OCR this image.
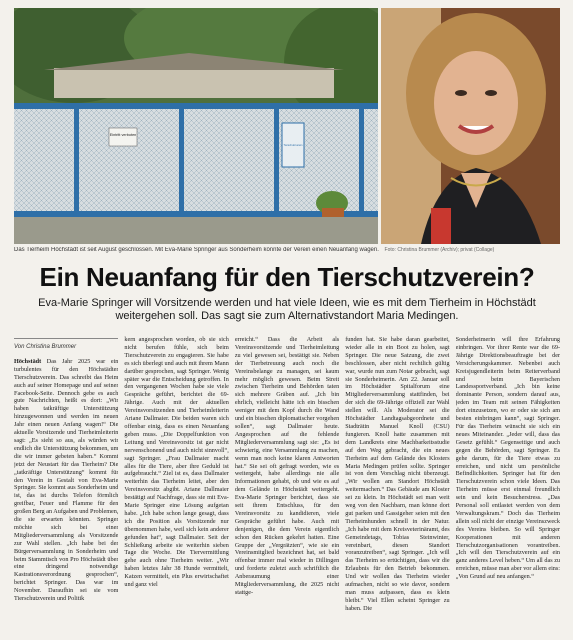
Eintritt verboten
Tierschutzverein
Das Tierheim Höchstädt ist seit August geschlossen. Mit Eva-Marie Springer aus Sonderheim könnte der Verein einen Neuanfang wagen. Foto: Christina Brummer (Archiv); privat (Collage)
Ein Neuanfang für den Tierschutzverein?
Eva-Marie Springer will Vorsitzende werden und hat viele Ideen, wie es mit dem Tierheim in Höchstädt weitergehen soll. Das sagt sie zum Alternativstandort Maria Medingen.
Von Christina Brummer

Höchstädt Das Jahr 2025 war ein turbulentes für den Höchstädter Tierschutzverein. Das schreibt das Heim auch auf seiner Homepage und auf seiner Facebook-Seite. Dennoch gebe es auch gute Nachrichten, heißt es dort: „Wir haben tatkräftige Unterstützung hinzugewonnen und werden im neuen Jahr einen neuen Anfang wagen!“ Die aktuelle Vorsitzende und Tierheimleiterin sagt: „Es sieht so aus, als würden wir endlich die Unterstützung bekommen, um die wir immer gebeten haben.“ Kommt jetzt der Neustart für das Tierheim? Die „tatkräftige Unterstützung“ kommt für den Verein in Gestalt von Eva-Marie Springer. Sie kommt aus Sonderheim und ist, das ist durchs Telefon förmlich greifbar, Feuer und Flamme für den großen Berg an Aufgaben und Problemen, die sie erwarten könnten. Springer möchte sich bei einer Mitgliederversammlung als Vorsitzende zur Wahl stellen. „Ich habe bei der Bürgerversammlung in Sonderheim und beim Stammtisch von Pro Höchstädt über eine dringend notwendige Kastrationsverordnung gesprochen“, berichtet Springer. Das war im November. Daraufhin sei sie vom Tierschutzverein und Politik

kern angesprochen worden, ob sie sich nicht berufen fühle, sich beim Tierschutzverein zu engagieren. Sie habe es sich überlegt und auch mit ihrem Mann darüber gesprochen, sagt Springer. Wenig später war die Entscheidung getroffen. In den vergangenen Wochen habe sie viele Gespräche geführt, berichtet die 69-Jährige. Auch mit der aktuellen Vereinsvorsitzenden und Tierheimleiterin Ariane Dallmaier. Die beiden waren sich offenbar einig, dass es einen Neuanfang geben muss. „Die Doppelfunktion von Leitung und Vereinsvorsitz ist gar nicht nervenschonend und auch nicht sinnvoll“, sagt Springer. „Frau Dallmaier macht alles für die Tiere, aber ihre Geduld ist aufgebraucht.“ Ziel ist es, dass Dallmaier weiterhin das Tierheim leitet, aber den Vereinsvorsitz abgibt. Ariane Dallmaier bestätigt auf Nachfrage, dass sie mit Eva-Marie Springer eine Lösung aufgetan habe. „Ich habe schon lange gesagt, dass ich die Position als Vorsitzende nur übernommen habe, weil sich kein anderer gefunden hat“, sagt Dallmaier. Seit der Schließung arbeite sie weiterhin sieben Tage die Woche. Die Tiervermittlung gehe auch ohne Tierheim weiter. „Wir haben letztes Jahr 38 Hunde vermittelt, Katzen vermittelt, ein Plus erwirtschaftet und ganz viel

erreicht.“ Dass die Arbeit als Vereinsvorsitzende und Tierheimleitung zu viel gewesen sei, bestätigt sie. Neben der Tierbetreuung auch noch die Vereinsbelange zu managen, sei kaum mehr möglich gewesen. Beim Streit zwischen Tierheim und Behörden taten sich mehrere Gräben auf. „Ich bin ehrlich, vielleicht hätte ich ein bisschen weniger mit dem Kopf durch die Wand und ein bisschen diplomatischer vorgehen sollen“, sagt Dallmaier heute. Angesprochen auf die fehlende Mitgliederversammlung sagt sie: „Es ist schwierig, eine Versammlung zu machen, wenn man noch keine klaren Antworten hat.“ Sie sei oft gefragt worden, wie es weitergeht, habe allerdings nie alle Informationen gehabt, ob und wie es auf dem Gelände in Höchstädt weitergeht. Eva-Marie Springer berichtet, dass sie seit ihrem Entschluss, für den Vereinsvorsitz zu kandidieren, viele Gespräche geführt habe. Auch mit denjenigen, die dem Verein eigentlich schon den Rücken gekehrt hatten. Eine Gruppe der „Vergrätzten“, wie sie ein Vereinsmitglied bezeichnet hat, sei bald offenbar immer mal wieder in Dillingen und forderte zuletzt auch schriftlich die Anberaumung einer Mitgliederversammlung, die 2025 nicht stattge-

funden hat. Sie habe daran gearbeitet, wieder alle in ein Boot zu holen, sagt Springer. Die neue Satzung, die zwei beschlossen, aber nicht rechtlich gültig war, wurde nun zum Notar gebracht, sagt sie Sonderheimerin. Am 22. Januar soll im Höchstädter Spitalforum eine Mitgliederversammlung stattfinden, bei der sich die 69-Jährige offiziell zur Wahl stellen will. Als Moderator sei die Höchstädter Landtagsabgeordnete und Stadträtin Manuel Knoll (CSU) fungieren. Knoll hatte zusammen mit dem Landkreis eine Machbarkeitsstudie auf den Weg gebracht, die ein neues Tierheim auf dem Gelände des Klosters Maria Medingen prüfen sollte. Springer ist von dem Vorschlag nicht überzeugt. „Wir wollen am Standort Höchstädt weitermachen.“ Das Gebäude am Kloster sei zu klein. In Höchstädt sei man weit weg von den Nachbarn, man könne dort gut parken und Gassigeher seien mit den Tierheimhunden schnell in der Natur. „Ich habe mit dem Kreisveterinäramt, des Gemeindetags, Tobias Steinwinter, vereinbart, diesen Standort voranzutreiben“, sagt Springer. „Ich will das Tierheim so ertüchtigen, dass wir die Erlaubnis für den Betrieb bekommen. Und wir wollen das Tierheim wieder aufmachen, nicht so wie davor, sondern man muss aufpassen, dass es klein bleibt.“ Viel Ellen scheint Springer zu haben. Die

Sonderheimerin will ihre Erfahrung einbringen. Vor ihrer Rente war die 69-Jährige Direktionsbeauftragte bei der Versicherungskammer. Nebenbei auch Kreisjugendleiterin beim Reiterverband und beim Bayerischen Landessportverband. „Ich bin keine dominante Person, sondern darauf aus, jeden im Team mit seinen Fähigkeiten dort einzusetzen, wo er oder sie sich am besten einbringen kann“, sagt Springer. Für das Tierheim wünscht sie sich ein neues Miteinander. „Jeder will, dass das Gesetz gefühlt.“ Gegenseitige und auch gegen die Behörden, sagt Springer. Es gehe darum, für die Tiere etwas zu erreichen, und nicht um persönliche Befindlichkeiten. Springer hat für den Tierschutzverein schon viele Ideen. Das Tierheim müsse erst einmal freundlich sein und kein Besucherstress. „Das Personal soll entlastet werden von dem Verwaltungskram.“ Doch das Tierheim allein soll nicht der einzige Vereinszweck des Vereins bleiben. So will Springer Kooperationen mit anderen Tierschutzorganisationen vorantreiben. „Ich will den Tierschutzverein auf ein ganz anderes Level heben.“ Um all das zu erreichen, müsse man aber vor allem eins: „Von Grund auf neu anfangen.“
